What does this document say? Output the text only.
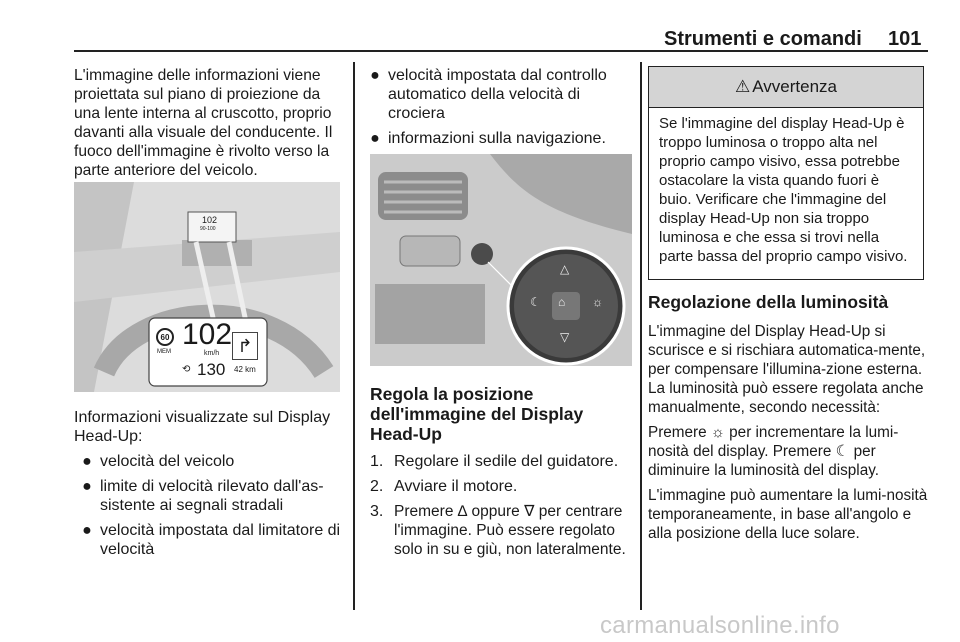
Strumenti e comandi 101

L'immagine delle informazioni viene proiettata sul piano di proiezione da una lente interna al cruscotto, proprio davanti alla visuale del conducente. Il fuoco dell'immagine è rivolto verso la parte anteriore del veicolo.

102
90-100
60
MEM
102
km/h	↱
⟲ 130 42 km

Informazioni visualizzate sul Display Head-Up:

● velocità del veicolo
● limite di velocità rilevato dall'as-sistente ai segnali stradali
● velocità impostata dal limitatore di velocità
● velocità impostata dal controllo automatico della velocità di crociera
● informazioni sulla navigazione.
△
▽
☾	☼
⌂
Regola la posizione dell'immagine del Display Head-Up
1. Regolare il sedile del guidatore.
2. Avviare il motore.
3. Premere ∆ oppure ∇ per centrare l'immagine. Può essere regolato solo in su e giù, non lateralmente.
⚠ Avvertenza
Se l'immagine del display Head-Up è troppo luminosa o troppo alta nel proprio campo visivo, essa potrebbe ostacolare la vista quando fuori è buio. Verificare che l'immagine del display Head-Up non sia troppo luminosa e che essa si trovi nella parte bassa del proprio campo visivo.
Regolazione della luminosità

L'immagine del Display Head-Up si scurisce e si rischiara automatica-mente, per compensare l'illumina-zione esterna. La luminosità può essere regolata anche manualmente, secondo necessità:

Premere ☼ per incrementare la lumi-nosità del display. Premere ☾ per diminuire la luminosità del display.

L'immagine può aumentare la lumi-nosità temporaneamente, in base all'angolo e alla posizione della luce solare.

carmanualsonline.info
